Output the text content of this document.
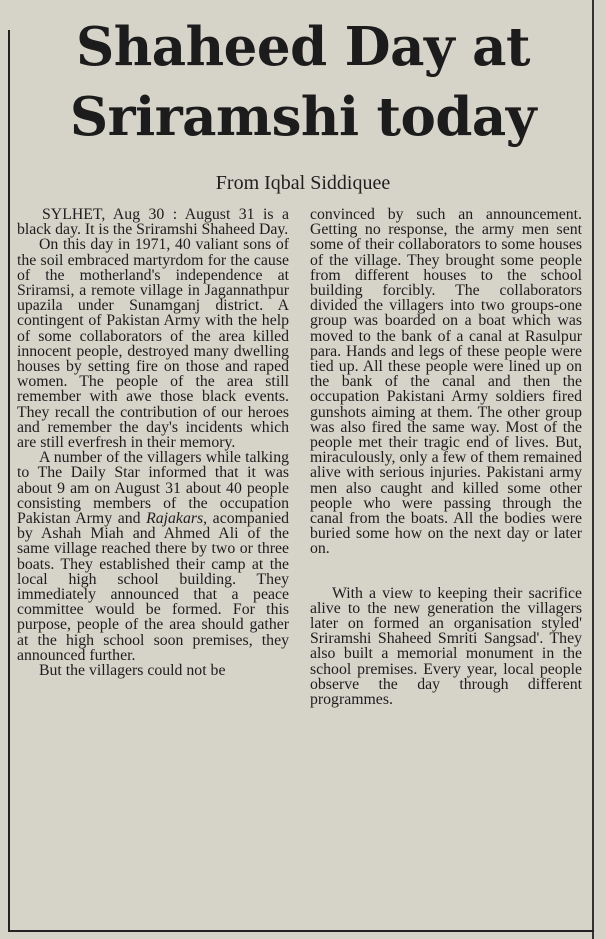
Shaheed Day at Sriramshi today
From Iqbal Siddiquee

SYLHET, Aug 30 : August 31 is a black day. It is the Sriramshi Shaheed Day.

On this day in 1971, 40 valiant sons of the soil embraced martyrdom for the cause of the motherland's independence at Sriramsi, a remote village in Jagannathpur upazila under Sunamganj district. A contingent of Pakistan Army with the help of some collaborators of the area killed innocent people, destroyed many dwelling houses by setting fire on those and raped women. The people of the area still remember with awe those black events. They recall the contribution of our heroes and remember the day's incidents which are still everfresh in their memory.

A number of the villagers while talking to The Daily Star informed that it was about 9 am on August 31 about 40 people consisting members of the occupation Pakistan Army and Rajakars, acompanied by Ashah Miah and Ahmed Ali of the same village reached there by two or three boats. They established their camp at the local high school building. They immediately announced that a peace committee would be formed. For this purpose, people of the area should gather at the high school soon premises, they announced further.

But the villagers could not be

convinced by such an announcement. Getting no response, the army men sent some of their collaborators to some houses of the village. They brought some people from different houses to the school building forcibly. The collaborators divided the villagers into two groups-one group was boarded on a boat which was moved to the bank of a canal at Rasulpur para. Hands and legs of these people were tied up. All these people were lined up on the bank of the canal and then the occupation Pakistani Army soldiers fired gunshots aiming at them. The other group was also fired the same way. Most of the people met their tragic end of lives. But, miraculously, only a few of them remained alive with serious injuries. Pakistani army men also caught and killed some other people who were passing through the canal from the boats. All the bodies were buried some how on the next day or later on.

With a view to keeping their sacrifice alive to the new generation the villagers later on formed an organisation styled' Sriramshi Shaheed Smriti Sangsad'. They also built a memorial monument in the school premises. Every year, local people observe the day through different programmes.
